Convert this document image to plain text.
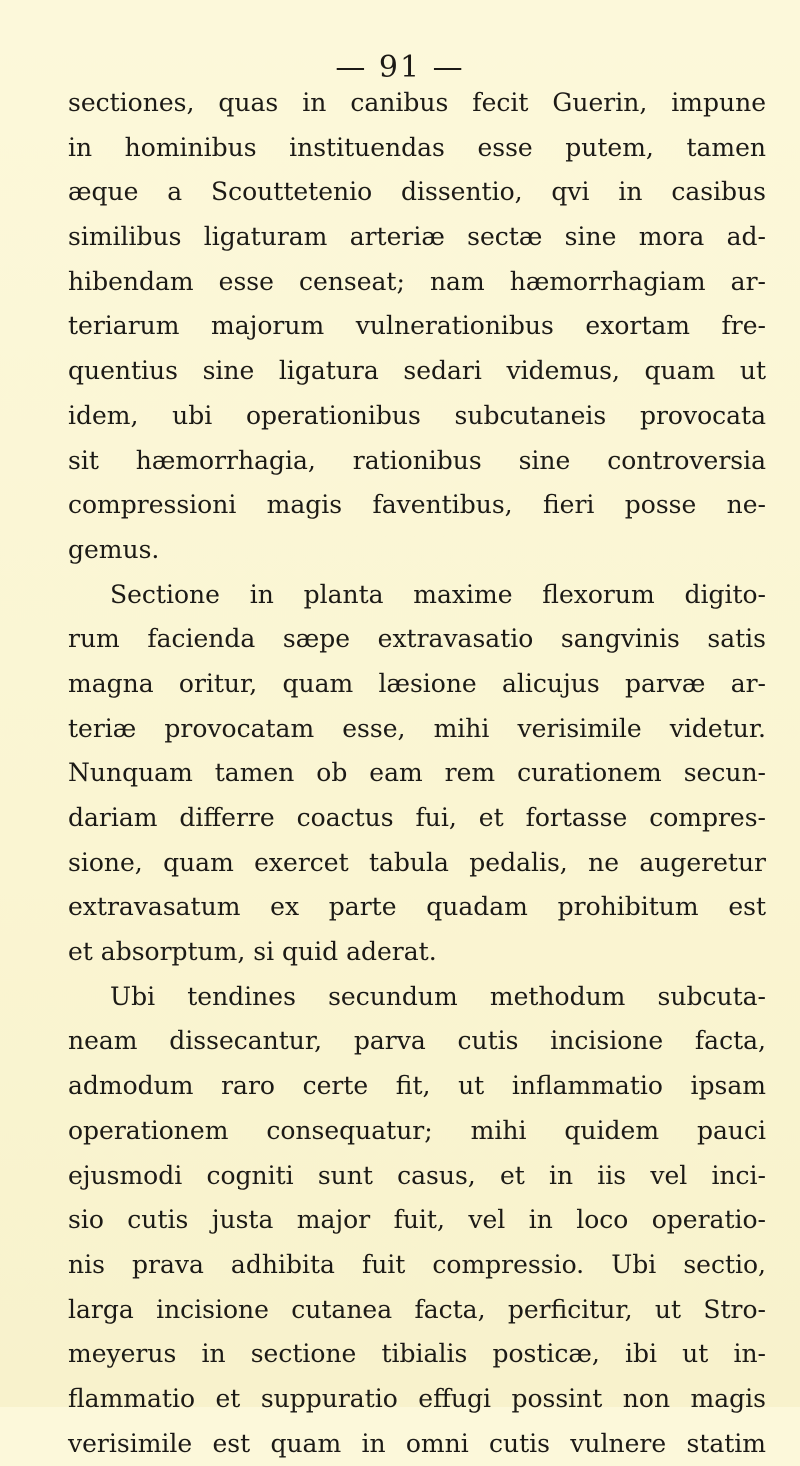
— 91 —
sectiones, quas in canibus fecit Guerin, impune
in hominibus instituendas esse putem, tamen
æque a Scouttetenio dissentio, qvi in casibus
similibus ligaturam arteriæ sectæ sine mora ad-
hibendam esse censeat; nam hæmorrhagiam ar-
teriarum majorum vulnerationibus exortam fre-
quentius sine ligatura sedari videmus, quam ut
idem, ubi operationibus subcutaneis provocata
sit hæmorrhagia, rationibus sine controversia
compressioni magis faventibus, fieri posse ne-
gemus.
Sectione in planta maxime flexorum digito-
rum facienda sæpe extravasatio sangvinis satis
magna oritur, quam læsione alicujus parvæ ar-
teriæ provocatam esse, mihi verisimile videtur.
Nunquam tamen ob eam rem curationem secun-
dariam differre coactus fui, et fortasse compres-
sione, quam exercet tabula pedalis, ne augeretur
extravasatum ex parte quadam prohibitum est
et absorptum, si quid aderat.
Ubi tendines secundum methodum subcuta-
neam dissecantur, parva cutis incisione facta,
admodum raro certe fit, ut inflammatio ipsam
operationem consequatur; mihi quidem pauci
ejusmodi cogniti sunt casus, et in iis vel inci-
sio cutis justa major fuit, vel in loco operatio-
nis prava adhibita fuit compressio. Ubi sectio,
larga incisione cutanea facta, perficitur, ut Stro-
meyerus in sectione tibialis posticæ, ibi ut in-
flammatio et suppuratio effugi possint non magis
verisimile est quam in omni cutis vulnere statim
